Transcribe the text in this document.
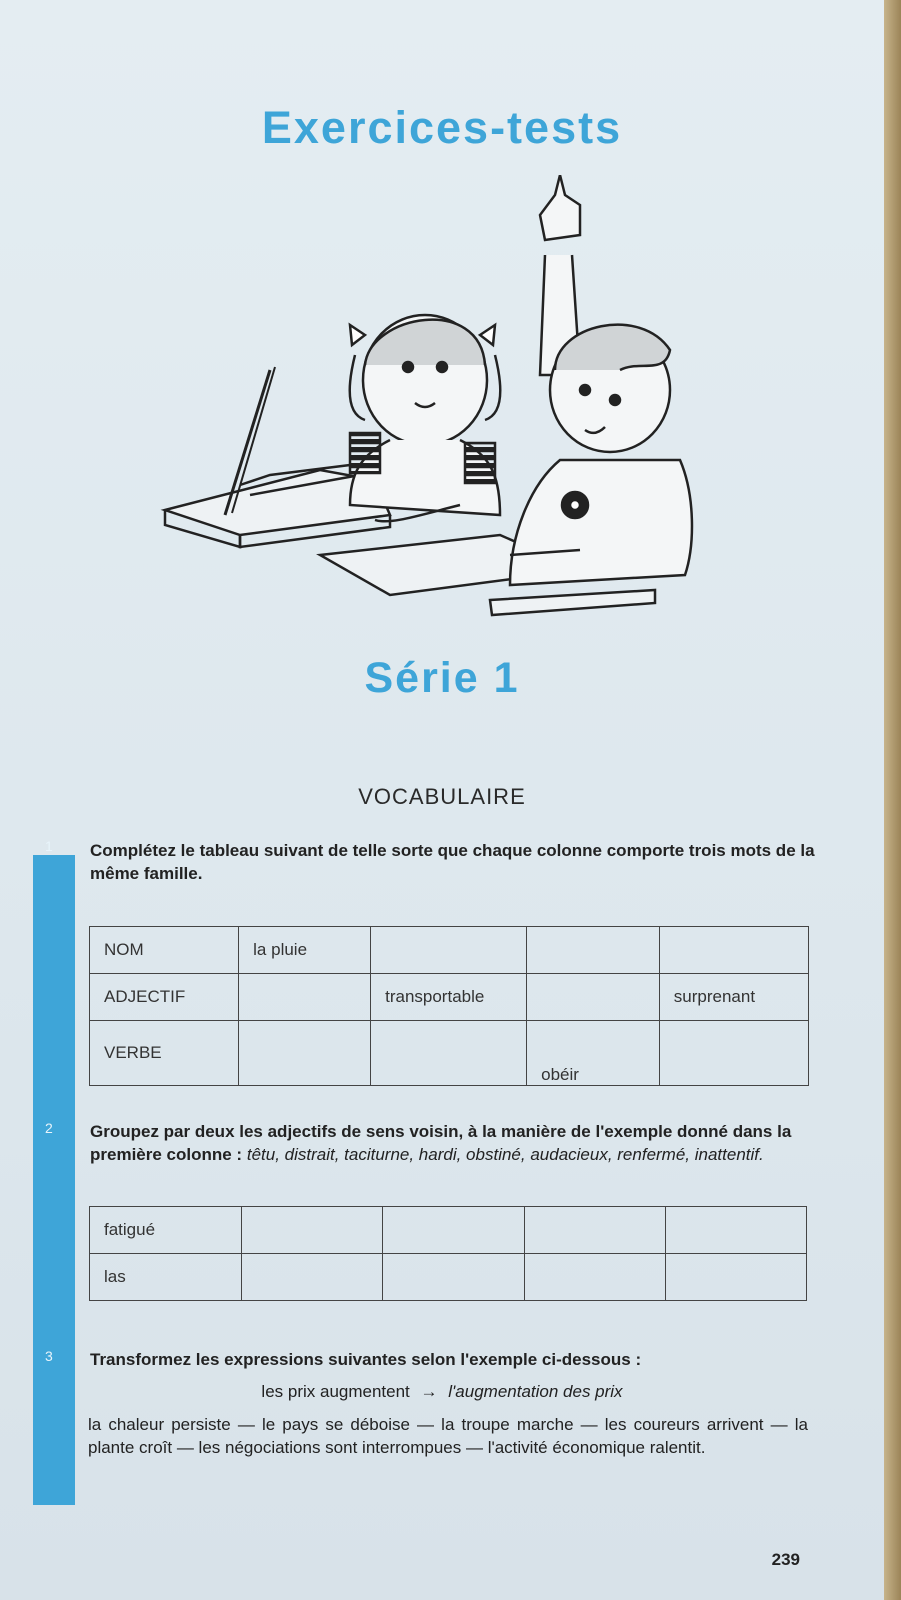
Exercices-tests
Série 1
VOCABULAIRE
1
2
3
Complétez le tableau suivant de telle sorte que chaque colonne comporte trois mots de la même famille.
NOM	la pluie			
ADJECTIF		transportable		surprenant
VERBE			obéir	
Groupez par deux les adjectifs de sens voisin, à la manière de l'exemple donné dans la première colonne : têtu, distrait, taciturne, hardi, obstiné, audacieux, renfermé, inattentif.
fatigué				
las				
Transformez les expressions suivantes selon l'exemple ci-dessous :
les prix augmentent → l'augmentation des prix
la chaleur persiste — le pays se déboise — la troupe marche — les coureurs arrivent — la plante croît — les négociations sont interrompues — l'activité économique ralentit.
239
